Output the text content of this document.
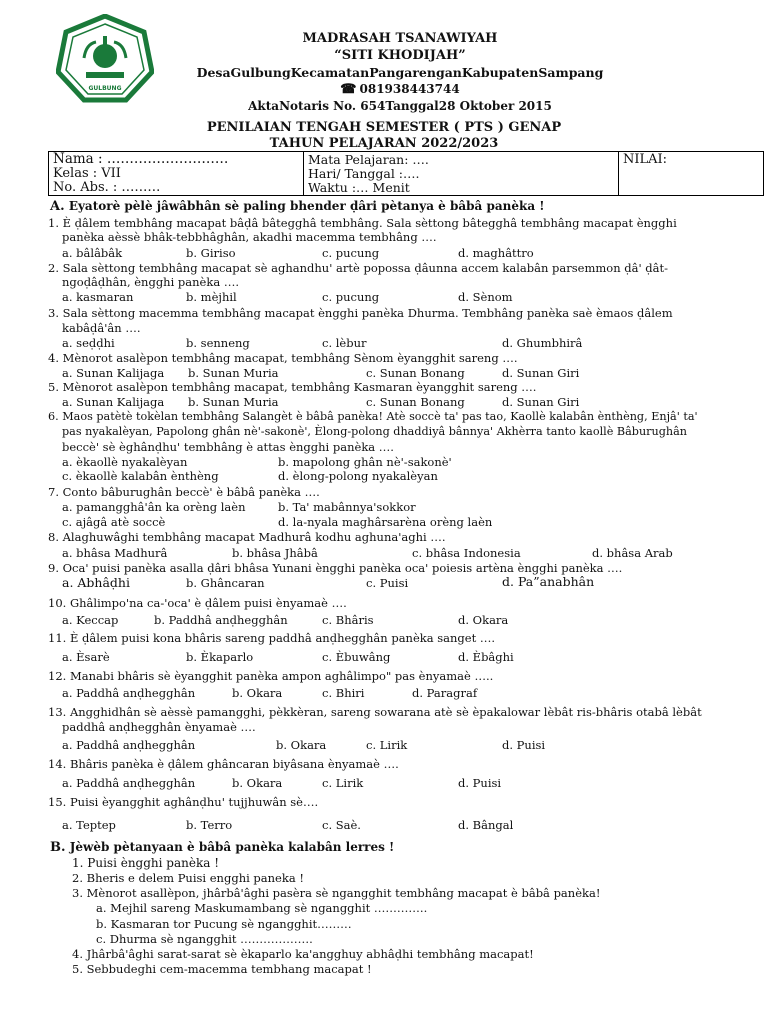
GULBUNG
MADRASAH TSANAWIYAH
“SITI KHODIJAH”
DesaGulbungKecamatanPangarenganKabupatenSampang
☎ 081938443744
AktaNotaris No. 654Tanggal28 Oktober 2015
PENILAIAN TENGAH SEMESTER ( PTS ) GENAP
TAHUN PELAJARAN 2022/2023
Nama : ………………………
Kelas : VII
No. Abs. : ………

Mata Pelajaran: ….
Hari/ Tanggal :….
Waktu :… Menit

NILAI:
A. Eyatorè pèlè jâwâbhân sè paling bhender ḍâri pètanya è bâbâ panèka !
1. È ḍâlem tembhâng macapat bâḍâ bâtegghâ tembhâng. Sala sèttong bâtegghâ tembhâng macapat èngghi
panèka aèssè bhâk-tebbhâghân, akadhi macemma tembhâng ….
a. bâlâbâk	b. Giriso	c. pucung	d. maghâttro
2. Sala sèttong tembhâng macapat sè aghandhu' artè popossa ḍâunna accem kalabân parsemmon ḍâ' ḍât-
ngoḍâḍhân, èngghi panèka ….
a. kasmaran	b. mèjhil	c. pucung	d. Sènom
3. Sala sèttong macemma tembhâng macapat èngghi panèka Dhurma. Tembhâng panèka saè èmaos ḍâlem
kabâḍâ'ân ….
a. seḍḍhi	b. senneng	c. lèbur	d. Ghumbhirâ
4. Mènorot asalèpon tembhâng macapat, tembhâng Sènom èyangghit sareng ….
a. Sunan Kalijaga b. Sunan Muria	c. Sunan Bonang	d. Sunan Giri
5. Mènorot asalèpon tembhâng macapat, tembhâng Kasmaran èyangghit sareng ….
a. Sunan Kalijaga b. Sunan Muria	c. Sunan Bonang	d. Sunan Giri
6. Maos patètè tokèlan tembhâng Salangèt è bâbâ panèka! Atè soccè ta' pas tao, Kaollè kalabân ènthèng, Enjâ' ta'
pas nyakalèyan, Papolong ghân nè'-sakonè', Èlong-polong dhaddiyâ bânnya' Akhèrra tanto kaollè Bâburughân
beccè' sè èghânḍhu' tembhâng è attas èngghi panèka ….
a. èkaollè nyakalèyan	b. mapolong ghân nè'-sakonè'
c. èkaollè kalabân ènthèng	d. èlong-polong nyakalèyan
7. Conto bâburughân beccè' è bâbâ panèka ….
a. pamangghâ'ân ka orèng laèn	b. Ta' mabânnya'sokkor
c. ajâgâ atè soccè	d. la-nyala maghârsarèna orèng laèn
8. Alaghuwâghi tembhâng macapat Madhurâ kodhu aghuna'aghi ….
a. bhâsa Madhurâ	b. bhâsa Jhâbâ	c. bhâsa Indonesia	d. bhâsa Arab
9. Oca' puisi panèka asalla ḍâri bhâsa Yunani èngghi panèka oca' poiesis artèna èngghi panèka ….
a. Abhâḍhi	b. Ghâncaran	c. Puisi	d. Pa”anabhân
10. Ghâlimpo'na ca-'oca' è ḍâlem puisi ènyamaè ….
a. Keccap	b. Paddhâ anḍhegghân	c. Bhâris	d. Okara
11. È ḍâlem puisi kona bhâris sareng paddhâ anḍhegghân panèka sanget ….
a. Èsarè	b. Èkaparlo	c. Èbuwâng	d. Èbâghi
12. Manabi bhâris sè èyangghit panèka ampon aghâlimpo" pas ènyamaè …..
a. Paddhâ anḍhegghân	b. Okara	c. Bhiri	d. Paragraf
13. Angghidhân sè aèssè pamangghi, pèkkèran, sareng sowarana atè sè èpakalowar lèbât ris-bhâris otabâ lèbât
paddhâ anḍhegghân ènyamaè ….
a. Paddhâ anḍhegghân	b. Okara	c. Lirik	d. Puisi
14. Bhâris panèka è ḍâlem ghâncaran biyâsana ènyamaè ….
a. Paddhâ anḍhegghân	b. Okara	c. Lirik	d. Puisi
15. Puisi èyangghit aghânḍhu' tujjhuwân sè….
a. Teptep	b. Terro	c. Saè.	d. Bângal
B. Jèwèb pètanyaan è bâbâ panèka kalabân lerres !
1. Puisi èngghi panèka !
2. Bheris e delem Puisi engghi paneka !
3. Mènorot asallèpon, jhârbâ'âghi pasèra sè ngangghit tembhâng macapat è bâbâ panèka!
a. Mejhil sareng Maskumambang sè ngangghit …………..
b. Kasmaran tor Pucung sè ngangghit………
c. Dhurma sè ngangghit ……………….
4. Jhârbâ'âghi sarat-sarat sè èkaparlo ka'angghuy abhâḍhi tembhâng macapat!
5. Sebbudeghi cem-macemma tembhang macapat !
